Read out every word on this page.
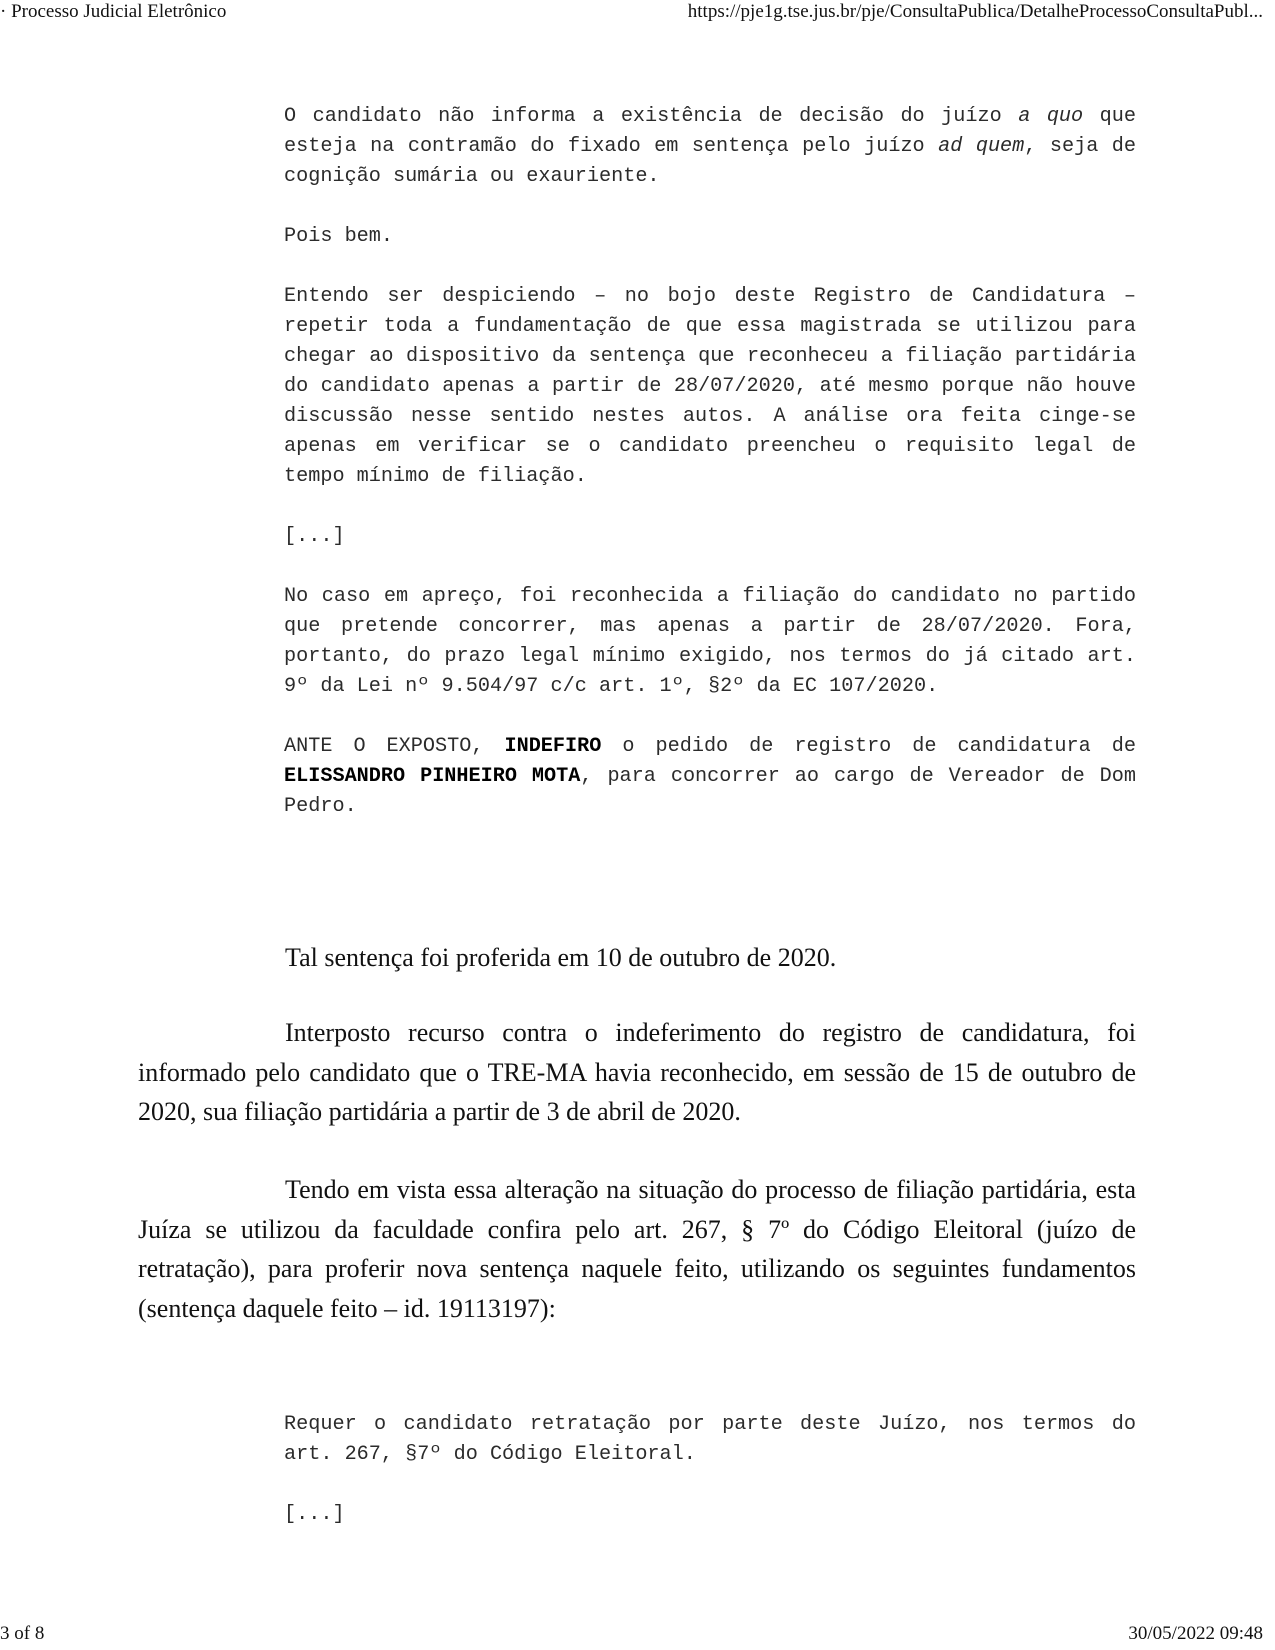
· Processo Judicial Eletrônico	https://pje1g.tse.jus.br/pje/ConsultaPublica/DetalheProcessoConsultaPubl...

O candidato não informa a existência de decisão do juízo a quo que esteja na contramão do fixado em sentença pelo juízo ad quem, seja de cognição sumária ou exauriente.

Pois bem.

Entendo ser despiciendo – no bojo deste Registro de Candidatura – repetir toda a fundamentação de que essa magistrada se utilizou para chegar ao dispositivo da sentença que reconheceu a filiação partidária do candidato apenas a partir de 28/07/2020, até mesmo porque não houve discussão nesse sentido nestes autos. A análise ora feita cinge-se apenas em verificar se o candidato preencheu o requisito legal de tempo mínimo de filiação.

[...]

No caso em apreço, foi reconhecida a filiação do candidato no partido que pretende concorrer, mas apenas a partir de 28/07/2020. Fora, portanto, do prazo legal mínimo exigido, nos termos do já citado art. 9º da Lei nº 9.504/97 c/c art. 1º, §2º da EC 107/2020.

ANTE O EXPOSTO, INDEFIRO o pedido de registro de candidatura de ELISSANDRO PINHEIRO MOTA, para concorrer ao cargo de Vereador de Dom Pedro.

Tal sentença foi proferida em 10 de outubro de 2020.

Interposto recurso contra o indeferimento do registro de candidatura, foi informado pelo candidato que o TRE-MA havia reconhecido, em sessão de 15 de outubro de 2020, sua filiação partidária a partir de 3 de abril de 2020.

Tendo em vista essa alteração na situação do processo de filiação partidária, esta Juíza se utilizou da faculdade confira pelo art. 267, § 7º do Código Eleitoral (juízo de retratação), para proferir nova sentença naquele feito, utilizando os seguintes fundamentos (sentença daquele feito – id. 19113197):

Requer o candidato retratação por parte deste Juízo, nos termos do art. 267, §7º do Código Eleitoral.

[...]

3 of 8	30/05/2022 09:48
